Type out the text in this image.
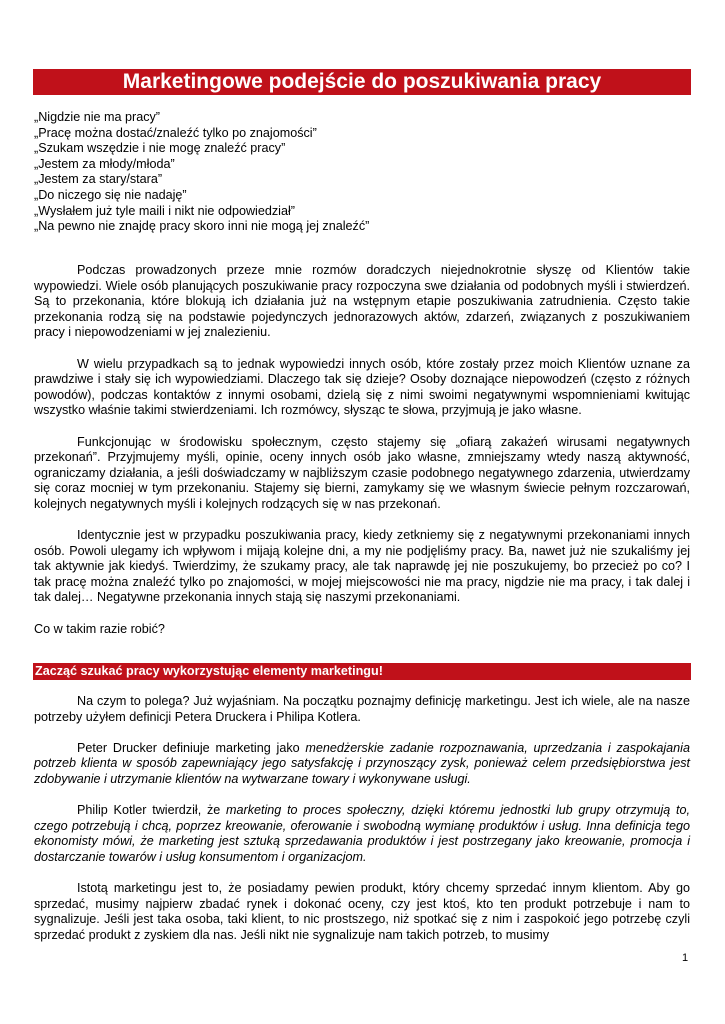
Marketingowe podejście do poszukiwania pracy
„Nigdzie nie ma pracy”
„Pracę można dostać/znaleźć tylko po znajomości”
„Szukam wszędzie i nie mogę znaleźć pracy”
„Jestem za młody/młoda”
„Jestem za stary/stara”
„Do niczego się nie nadaję”
„Wysłałem już tyle maili i nikt nie odpowiedział”
„Na pewno nie znajdę pracy skoro inni nie mogą jej znaleźć”

Podczas prowadzonych przeze mnie rozmów doradczych niejednokrotnie słyszę od Klientów takie wypowiedzi. Wiele osób planujących poszukiwanie pracy rozpoczyna swe działania od podobnych myśli i stwierdzeń. Są to przekonania, które blokują ich działania już na wstępnym etapie poszukiwania zatrudnienia. Często takie przekonania rodzą się na podstawie pojedynczych jednorazowych aktów, zdarzeń, związanych z poszukiwaniem pracy i niepowodzeniami w jej znalezieniu.

W wielu przypadkach są to jednak wypowiedzi innych osób, które zostały przez moich Klientów uznane za prawdziwe i stały się ich wypowiedziami. Dlaczego tak się dzieje? Osoby doznające niepowodzeń (często z różnych powodów), podczas kontaktów z innymi osobami, dzielą się z nimi swoimi negatywnymi wspomnieniami kwitując wszystko właśnie takimi stwierdzeniami. Ich rozmówcy, słysząc te słowa, przyjmują je jako własne.

Funkcjonując w środowisku społecznym, często stajemy się „ofiarą zakażeń wirusami negatywnych przekonań”. Przyjmujemy myśli, opinie, oceny innych osób jako własne, zmniejszamy wtedy naszą aktywność, ograniczamy działania, a jeśli doświadczamy w najbliższym czasie podobnego negatywnego zdarzenia, utwierdzamy się coraz mocniej w tym przekonaniu. Stajemy się bierni, zamykamy się we własnym świecie pełnym rozczarowań, kolejnych negatywnych myśli i kolejnych rodzących się w nas przekonań.

Identycznie jest w przypadku poszukiwania pracy, kiedy zetkniemy się z negatywnymi przekonaniami innych osób. Powoli ulegamy ich wpływom i mijają kolejne dni, a my nie podjęliśmy pracy. Ba, nawet już nie szukaliśmy jej tak aktywnie jak kiedyś. Twierdzimy, że szukamy pracy, ale tak naprawdę jej nie poszukujemy, bo przecież po co? I tak pracę można znaleźć tylko po znajomości, w mojej miejscowości nie ma pracy, nigdzie nie ma pracy, i tak dalej i tak dalej… Negatywne przekonania innych stają się naszymi przekonaniami.

Co w takim razie robić?

Zacząć szukać pracy wykorzystując elementy marketingu!

Na czym to polega? Już wyjaśniam. Na początku poznajmy definicję marketingu. Jest ich wiele, ale na nasze potrzeby użyłem definicji Petera Druckera i Philipa Kotlera.

Peter Drucker definiuje marketing jako menedżerskie zadanie rozpoznawania, uprzedzania i zaspokajania potrzeb klienta w sposób zapewniający jego satysfakcję i przynoszący zysk, ponieważ celem przedsiębiorstwa jest zdobywanie i utrzymanie klientów na wytwarzane towary i wykonywane usługi.

Philip Kotler twierdził, że marketing to proces społeczny, dzięki któremu jednostki lub grupy otrzymują to, czego potrzebują i chcą, poprzez kreowanie, oferowanie i swobodną wymianę produktów i usług. Inna definicja tego ekonomisty mówi, że marketing jest sztuką sprzedawania produktów i jest postrzegany jako kreowanie, promocja i dostarczanie towarów i usług konsumentom i organizacjom.

Istotą marketingu jest to, że posiadamy pewien produkt, który chcemy sprzedać innym klientom. Aby go sprzedać, musimy najpierw zbadać rynek i dokonać oceny, czy jest ktoś, kto ten produkt potrzebuje i nam to sygnalizuje. Jeśli jest taka osoba, taki klient, to nic prostszego, niż spotkać się z nim i zaspokoić jego potrzebę czyli sprzedać produkt z zyskiem dla nas. Jeśli nikt nie sygnalizuje nam takich potrzeb, to musimy

1
